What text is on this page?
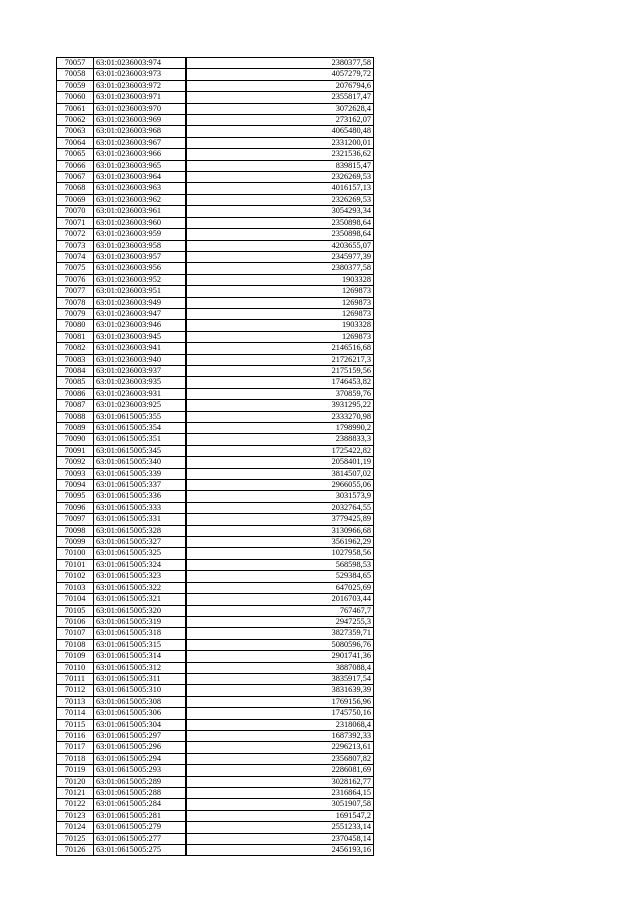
70057	63:01:0236003:974	2380377,58
70058	63:01:0236003:973	4057279,72
70059	63:01:0236003:972	2076794,6
70060	63:01:0236003:971	2355817,47
70061	63:01:0236003:970	3072628,4
70062	63:01:0236003:969	273162,07
70063	63:01:0236003:968	4065480,48
70064	63:01:0236003:967	2331200,01
70065	63:01:0236003:966	2321536,62
70066	63:01:0236003:965	839815,47
70067	63:01:0236003:964	2326269,53
70068	63:01:0236003:963	4016157,13
70069	63:01:0236003:962	2326269,53
70070	63:01:0236003:961	3054293,34
70071	63:01:0236003:960	2350898,64
70072	63:01:0236003:959	2350898,64
70073	63:01:0236003:958	4203655,07
70074	63:01:0236003:957	2345977,39
70075	63:01:0236003:956	2380377,58
70076	63:01:0236003:952	1903328
70077	63:01:0236003:951	1269873
70078	63:01:0236003:949	1269873
70079	63:01:0236003:947	1269873
70080	63:01:0236003:946	1903328
70081	63:01:0236003:945	1269873
70082	63:01:0236003:941	2146516,68
70083	63:01:0236003:940	21726217,3
70084	63:01:0236003:937	2175159,56
70085	63:01:0236003:935	1746453,82
70086	63:01:0236003:931	370859,76
70087	63:01:0236003:925	3931295,22
70088	63:01:0615005:355	2333270,98
70089	63:01:0615005:354	1798990,2
70090	63:01:0615005:351	2388833,3
70091	63:01:0615005:345	1725422,82
70092	63:01:0615005:340	2058401,19
70093	63:01:0615005:339	3814507,02
70094	63:01:0615005:337	2966055,06
70095	63:01:0615005:336	3031573,9
70096	63:01:0615005:333	2032764,55
70097	63:01:0615005:331	3779425,89
70098	63:01:0615005:328	3130966,68
70099	63:01:0615005:327	3561962,29
70100	63:01:0615005:325	1027958,56
70101	63:01:0615005:324	568598,53
70102	63:01:0615005:323	529384,65
70103	63:01:0615005:322	647025,69
70104	63:01:0615005:321	2016703,44
70105	63:01:0615005:320	767467,7
70106	63:01:0615005:319	2947255,3
70107	63:01:0615005:318	3827359,71
70108	63:01:0615005:315	5080596,76
70109	63:01:0615005:314	2901741,36
70110	63:01:0615005:312	3887088,4
70111	63:01:0615005:311	3835917,54
70112	63:01:0615005:310	3831639,39
70113	63:01:0615005:308	1769156,96
70114	63:01:0615005:306	1745750,16
70115	63:01:0615005:304	2318068,4
70116	63:01:0615005:297	1687392,33
70117	63:01:0615005:296	2296213,61
70118	63:01:0615005:294	2356807,82
70119	63:01:0615005:293	2286081,69
70120	63:01:0615005:289	3028162,77
70121	63:01:0615005:288	2316864,15
70122	63:01:0615005:284	3051907,58
70123	63:01:0615005:281	1691547,2
70124	63:01:0615005:279	2551233,14
70125	63:01:0615005:277	2370458,14
70126	63:01:0615005:275	2456193,16
